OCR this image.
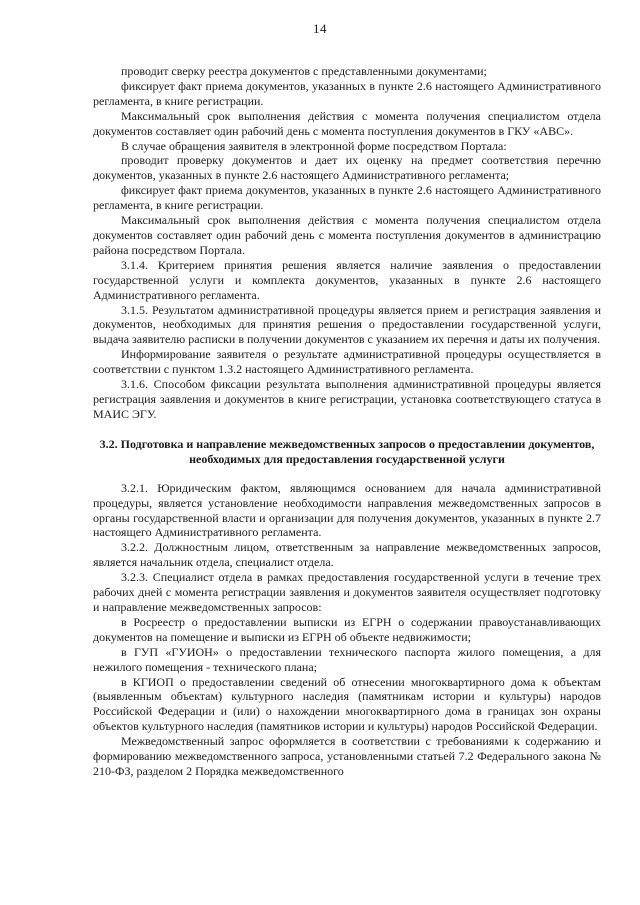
14

проводит сверку реестра документов с представленными документами;

фиксирует факт приема документов, указанных в пункте 2.6 настоящего Административного регламента, в книге регистрации.

Максимальный срок выполнения действия с момента получения специалистом отдела документов составляет один рабочий день с момента поступления документов в ГКУ «АВС».

В случае обращения заявителя в электронной форме посредством Портала:

проводит проверку документов и дает их оценку на предмет соответствия перечню документов, указанных в пункте 2.6 настоящего Административного регламента;

фиксирует факт приема документов, указанных в пункте 2.6 настоящего Административного регламента, в книге регистрации.

Максимальный срок выполнения действия с момента получения специалистом отдела документов составляет один рабочий день с момента поступления документов в администрацию района посредством Портала.

3.1.4. Критерием принятия решения является наличие заявления о предоставлении государственной услуги и комплекта документов, указанных в пункте 2.6 настоящего Административного регламента.

3.1.5. Результатом административной процедуры является прием и регистрация заявления и документов, необходимых для принятия решения о предоставлении государственной услуги, выдача заявителю расписки в получении документов с указанием их перечня и даты их получения.

Информирование заявителя о результате административной процедуры осуществляется в соответствии с пунктом 1.3.2 настоящего Административного регламента.

3.1.6. Способом фиксации результата выполнения административной процедуры является регистрация заявления и документов в книге регистрации, установка соответствующего статуса в МАИС ЭГУ.

3.2. Подготовка и направление межведомственных запросов о предоставлении документов, необходимых для предоставления государственной услуги

3.2.1. Юридическим фактом, являющимся основанием для начала административной процедуры, является установление необходимости направления межведомственных запросов в органы государственной власти и организации для получения документов, указанных в пункте 2.7 настоящего Административного регламента.

3.2.2. Должностным лицом, ответственным за направление межведомственных запросов, является начальник отдела, специалист отдела.

3.2.3. Специалист отдела в рамках предоставления государственной услуги в течение трех рабочих дней с момента регистрации заявления и документов заявителя осуществляет подготовку и направление межведомственных запросов:

в Росреестр о предоставлении выписки из ЕГРН о содержании правоустанавливающих документов на помещение и выписки из ЕГРН об объекте недвижимости;

в ГУП «ГУИОН» о предоставлении технического паспорта жилого помещения, а для нежилого помещения - технического плана;

в КГИОП о предоставлении сведений об отнесении многоквартирного дома к объектам (выявленным объектам) культурного наследия (памятникам истории и культуры) народов Российской Федерации и (или) о нахождении многоквартирного дома в границах зон охраны объектов культурного наследия (памятников истории и культуры) народов Российской Федерации.

Межведомственный запрос оформляется в соответствии с требованиями к содержанию и формированию межведомственного запроса, установленными статьей 7.2 Федерального закона № 210-ФЗ, разделом 2 Порядка межведомственного
